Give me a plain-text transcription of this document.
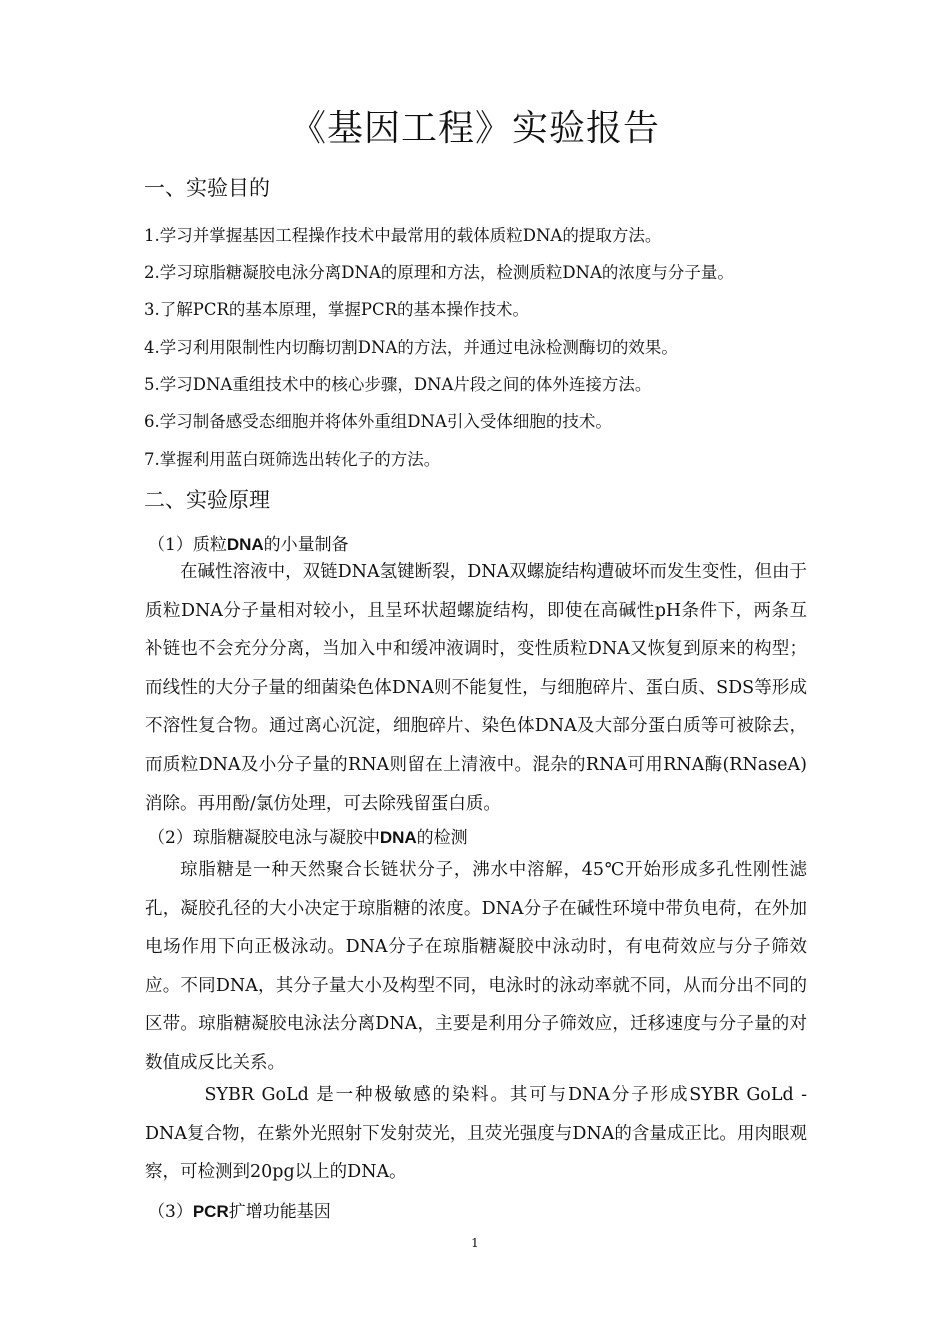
《基因工程》实验报告
一、实验目的
1.学习并掌握基因工程操作技术中最常用的载体质粒DNA的提取方法。
2.学习琼脂糖凝胶电泳分离DNA的原理和方法，检测质粒DNA的浓度与分子量。
3.了解PCR的基本原理，掌握PCR的基本操作技术。
4.学习利用限制性内切酶切割DNA的方法，并通过电泳检测酶切的效果。
5.学习DNA重组技术中的核心步骤，DNA片段之间的体外连接方法。
6.学习制备感受态细胞并将体外重组DNA引入受体细胞的技术。
7.掌握利用蓝白斑筛选出转化子的方法。
二、实验原理
（1）质粒DNA的小量制备
在碱性溶液中，双链DNA氢键断裂，DNA双螺旋结构遭破坏而发生变性，但由于质粒DNA分子量相对较小，且呈环状超螺旋结构，即使在高碱性pH条件下，两条互补链也不会充分分离，当加入中和缓冲液调时，变性质粒DNA又恢复到原来的构型；而线性的大分子量的细菌染色体DNA则不能复性，与细胞碎片、蛋白质、SDS等形成不溶性复合物。通过离心沉淀，细胞碎片、染色体DNA及大部分蛋白质等可被除去，而质粒DNA及小分子量的RNA则留在上清液中。混杂的RNA可用RNA酶(RNaseA)消除。再用酚/氯仿处理，可去除残留蛋白质。
（2）琼脂糖凝胶电泳与凝胶中DNA的检测
琼脂糖是一种天然聚合长链状分子，沸水中溶解，45℃开始形成多孔性刚性滤孔，凝胶孔径的大小决定于琼脂糖的浓度。DNA分子在碱性环境中带负电荷，在外加电场作用下向正极泳动。DNA分子在琼脂糖凝胶中泳动时，有电荷效应与分子筛效应。不同DNA，其分子量大小及构型不同，电泳时的泳动率就不同，从而分出不同的区带。琼脂糖凝胶电泳法分离DNA，主要是利用分子筛效应，迁移速度与分子量的对数值成反比关系。
SYBR GoLd 是一种极敏感的染料。其可与DNA分子形成SYBR GoLd -DNA复合物，在紫外光照射下发射荧光，且荧光强度与DNA的含量成正比。用肉眼观察，可检测到20pg以上的DNA。
（3）PCR扩增功能基因
1
